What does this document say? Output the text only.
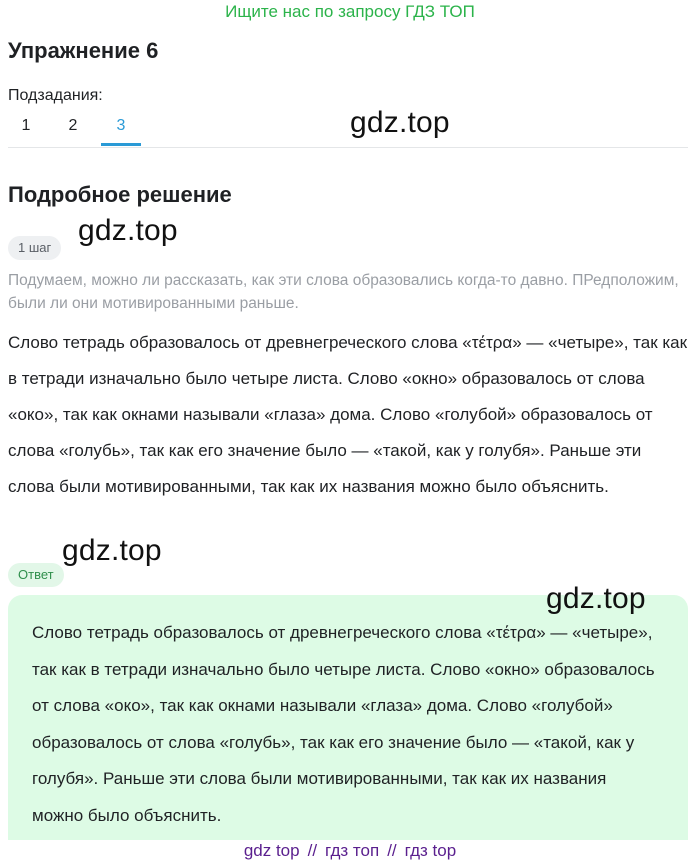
Ищите нас по запросу ГДЗ ТОП
Упражнение 6
Подзадания:
1	2	3	gdz.top
Подробное решение
gdz.top
1 шаг
Подумаем, можно ли рассказать, как эти слова образовались когда-то давно. ПРедположим, были ли они мотивированными раньше.
Слово тетрадь образовалось от древнегреческого слова «τέτρα» — «четыре», так как в тетради изначально было четыре листа. Слово «окно» образовалось от слова «око», так как окнами называли «глаза» дома. Слово «голубой» образовалось от слова «голубь», так как его значение было — «такой, как у голубя». Раньше эти слова были мотивированными, так как их названия можно было объяснить.
gdz.top
Ответ
Слово тетрадь образовалось от древнегреческого слова «τέτρα» — «четыре», так как в тетради изначально было четыре листа. Слово «окно» образовалось от слова «око», так как окнами называли «глаза» дома. Слово «голубой» образовалось от слова «голубь», так как его значение было — «такой, как у голубя». Раньше эти слова были мотивированными, так как их названия можно было объяснить.
gdz.top
gdz top // гдз топ // гдз top
